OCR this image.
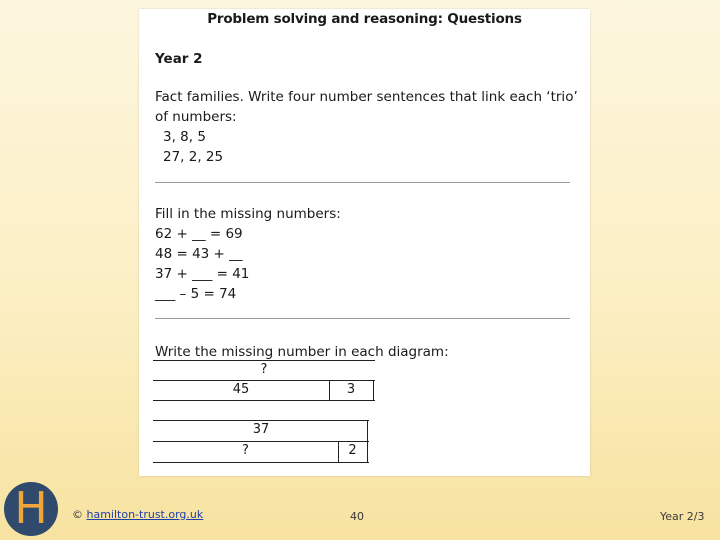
Problem solving and reasoning: Questions
Year 2
Fact families. Write four number sentences that link each ‘trio’
of numbers:
3, 8, 5
27, 2, 25
Fill in the missing numbers:
62 + __ = 69
48 = 43 + __
37 + ___ = 41
___ – 5 = 74
Write the missing number in each diagram:
?
45	3
37
?	2
H	© hamilton-trust.org.uk	40	Year 2/3
